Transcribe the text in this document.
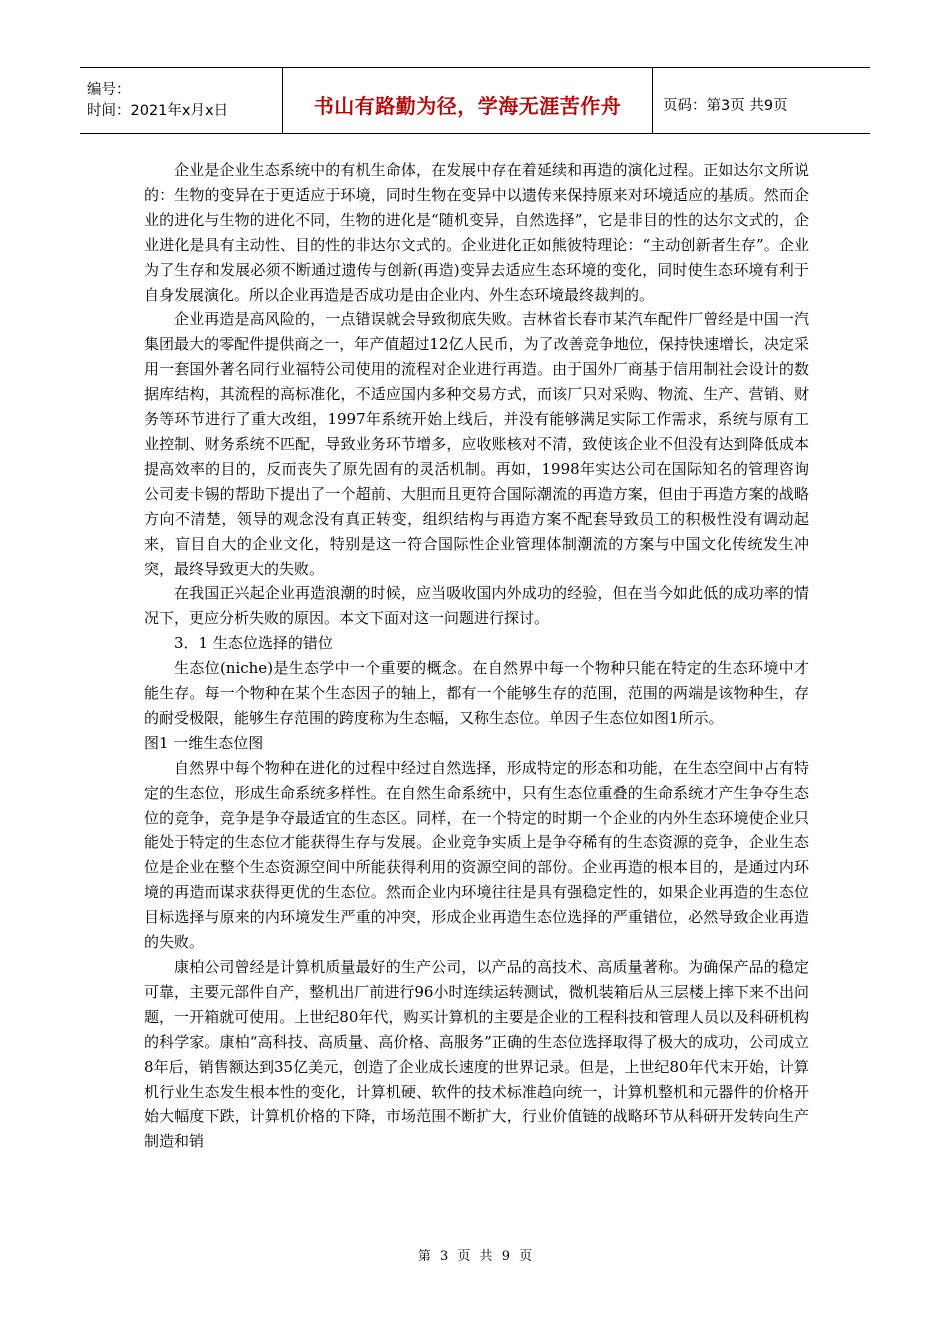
编号：
时间：2021年x月x日	书山有路勤为径，学海无涯苦作舟	页码：第3页 共9页

企业是企业生态系统中的有机生命体，在发展中存在着延续和再造的演化过程。正如达尔文所说的：生物的变异在于更适应于环境，同时生物在变异中以遗传来保持原来对环境适应的基质。然而企业的进化与生物的进化不同，生物的进化是“随机变异，自然选择”，它是非目的性的达尔文式的，企业进化是具有主动性、目的性的非达尔文式的。企业进化正如熊彼特理论：“主动创新者生存”。企业为了生存和发展必须不断通过遗传与创新(再造)变异去适应生态环境的变化，同时使生态环境有利于自身发展演化。所以企业再造是否成功是由企业内、外生态环境最终裁判的。

企业再造是高风险的，一点错误就会导致彻底失败。吉林省长春市某汽车配件厂曾经是中国一汽集团最大的零配件提供商之一，年产值超过12亿人民币，为了改善竞争地位，保持快速增长，决定采用一套国外著名同行业福特公司使用的流程对企业进行再造。由于国外厂商基于信用制社会设计的数据库结构，其流程的高标准化，不适应国内多种交易方式，而该厂只对采购、物流、生产、营销、财务等环节进行了重大改组，1997年系统开始上线后，并没有能够满足实际工作需求，系统与原有工业控制、财务系统不匹配，导致业务环节增多，应收账核对不清，致使该企业不但没有达到降低成本提高效率的目的，反而丧失了原先固有的灵活机制。再如，1998年实达公司在国际知名的管理咨询公司麦卡锡的帮助下提出了一个超前、大胆而且更符合国际潮流的再造方案，但由于再造方案的战略方向不清楚，领导的观念没有真正转变，组织结构与再造方案不配套导致员工的积极性没有调动起来，盲目自大的企业文化，特别是这一符合国际性企业管理体制潮流的方案与中国文化传统发生冲突，最终导致更大的失败。

在我国正兴起企业再造浪潮的时候，应当吸收国内外成功的经验，但在当今如此低的成功率的情况下，更应分析失败的原因。本文下面对这一问题进行探讨。

3．1 生态位选择的错位

生态位(niche)是生态学中一个重要的概念。在自然界中每一个物种只能在特定的生态环境中才能生存。每一个物种在某个生态因子的轴上，都有一个能够生存的范围，范围的两端是该物种生，存的耐受极限，能够生存范围的跨度称为生态幅，又称生态位。单因子生态位如图1所示。

图1 一维生态位图

自然界中每个物种在进化的过程中经过自然选择，形成特定的形态和功能，在生态空间中占有特定的生态位，形成生命系统多样性。在自然生命系统中，只有生态位重叠的生命系统才产生争夺生态位的竞争，竞争是争夺最适宜的生态区。同样，在一个特定的时期一个企业的内外生态环境使企业只能处于特定的生态位才能获得生存与发展。企业竞争实质上是争夺稀有的生态资源的竞争，企业生态位是企业在整个生态资源空间中所能获得利用的资源空间的部份。企业再造的根本目的，是通过内环境的再造而谋求获得更优的生态位。然而企业内环境往往是具有强稳定性的，如果企业再造的生态位目标选择与原来的内环境发生严重的冲突，形成企业再造生态位选择的严重错位，必然导致企业再造的失败。

康柏公司曾经是计算机质量最好的生产公司，以产品的高技术、高质量著称。为确保产品的稳定可靠，主要元部件自产，整机出厂前进行96小时连续运转测试，微机装箱后从三层楼上摔下来不出问题，一开箱就可使用。上世纪80年代，购买计算机的主要是企业的工程科技和管理人员以及科研机构的科学家。康柏“高科技、高质量、高价格、高服务”正确的生态位选择取得了极大的成功，公司成立8年后，销售额达到35亿美元，创造了企业成长速度的世界记录。但是，上世纪80年代末开始，计算机行业生态发生根本性的变化，计算机硬、软件的技术标准趋向统一，计算机整机和元器件的价格开始大幅度下跌，计算机价格的下降，市场范围不断扩大，行业价值链的战略环节从科研开发转向生产制造和销

第 3 页 共 9 页
